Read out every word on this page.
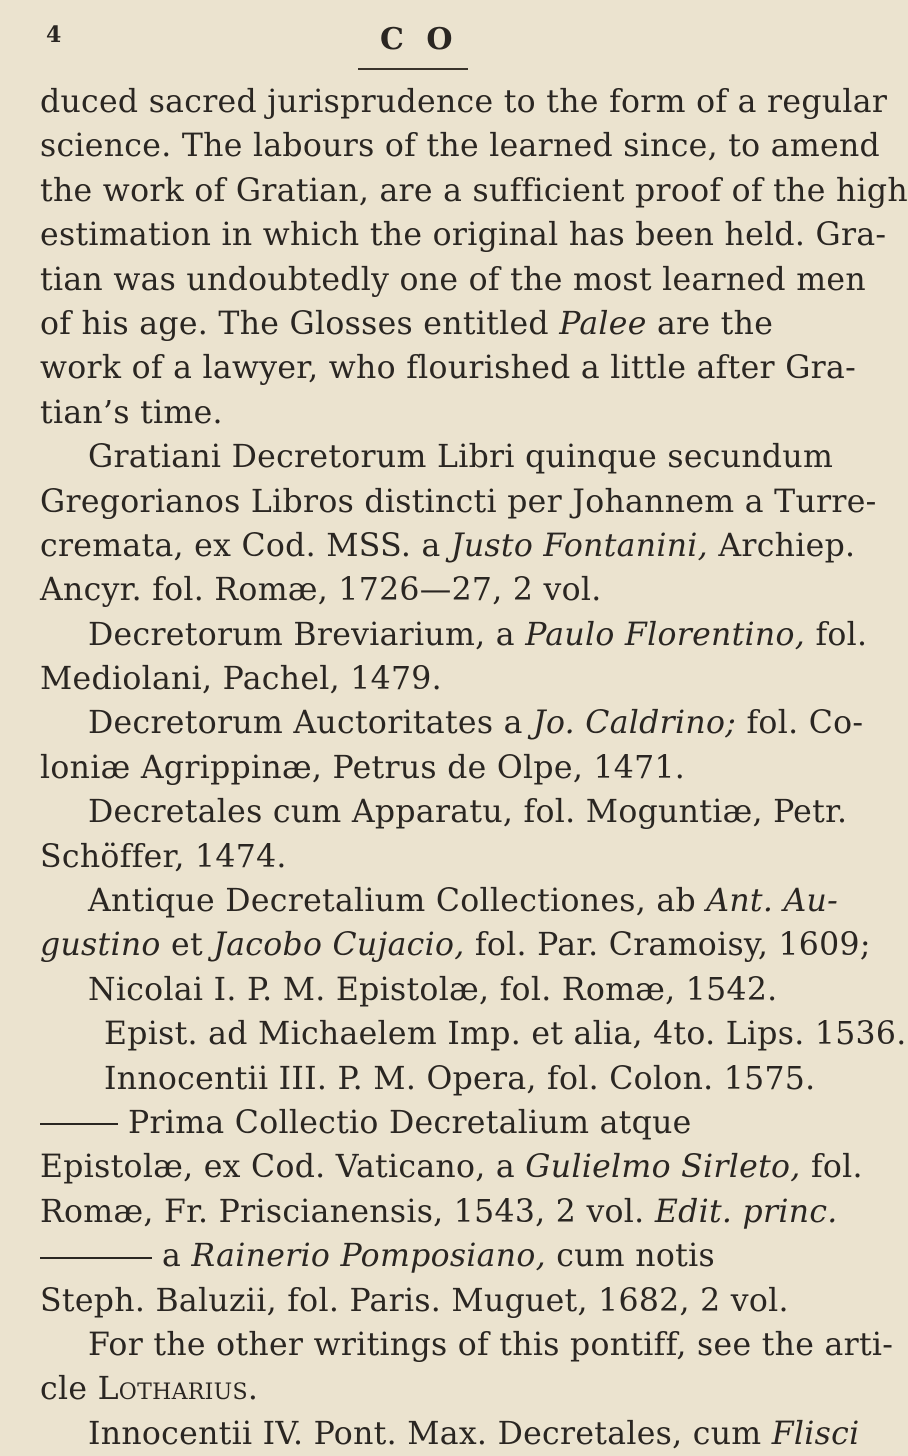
4	C O
duced sacred jurisprudence to the form of a regular
science. The labours of the learned since, to amend
the work of Gratian, are a sufficient proof of the high
estimation in which the original has been held. Gra-
tian was undoubtedly one of the most learned men
of his age. The Glosses entitled Palee are the
work of a lawyer, who flourished a little after Gra-
tian’s time.
Gratiani Decretorum Libri quinque secundum
Gregorianos Libros distincti per Johannem a Turre-
cremata, ex Cod. MSS. a Justo Fontanini, Archiep.
Ancyr. fol. Romæ, 1726—27, 2 vol.
Decretorum Breviarium, a Paulo Florentino, fol.
Mediolani, Pachel, 1479.
Decretorum Auctoritates a Jo. Caldrino; fol. Co-
loniæ Agrippinæ, Petrus de Olpe, 1471.
Decretales cum Apparatu, fol. Moguntiæ, Petr.
Schöffer, 1474.
Antique Decretalium Collectiones, ab Ant. Au-
gustino et Jacobo Cujacio, fol. Par. Cramoisy, 1609;
Nicolai I. P. M. Epistolæ, fol. Romæ, 1542.
Epist. ad Michaelem Imp. et alia, 4to. Lips. 1536.
Innocentii III. P. M. Opera, fol. Colon. 1575.
Prima Collectio Decretalium atque
Epistolæ, ex Cod. Vaticano, a Gulielmo Sirleto, fol.
Romæ, Fr. Priscianensis, 1543, 2 vol. Edit. princ.
a Rainerio Pomposiano, cum notis
Steph. Baluzii, fol. Paris. Muguet, 1682, 2 vol.
For the other writings of this pontiff, see the arti-
cle Lotharius.
Innocentii IV. Pont. Max. Decretales, cum Flisci
